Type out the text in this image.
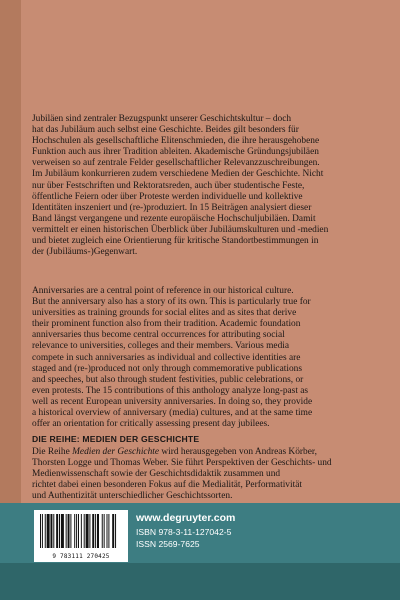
Jubiläen sind zentraler Bezugspunkt unserer Geschichtskultur – doch
hat das Jubiläum auch selbst eine Geschichte. Beides gilt besonders für
Hochschulen als gesellschaftliche Elitenschmieden, die ihre herausgehobene
Funktion auch aus ihrer Tradition ableiten. Akademische Gründungsjubiläen
verweisen so auf zentrale Felder gesellschaftlicher Relevanzzuschreibungen.
Im Jubiläum konkurrieren zudem verschiedene Medien der Geschichte. Nicht
nur über Festschriften und Rektoratsreden, auch über studentische Feste,
öffentliche Feiern oder über Proteste werden individuelle und kollektive
Identitäten inszeniert und (re-)produziert. In 15 Beiträgen analysiert dieser
Band längst vergangene und rezente europäische Hochschuljubiläen. Damit
vermittelt er einen historischen Überblick über Jubiläumskulturen und -medien
und bietet zugleich eine Orientierung für kritische Standortbestimmungen in
der (Jubiläums-)Gegenwart.

Anniversaries are a central point of reference in our historical culture.
But the anniversary also has a story of its own. This is particularly true for
universities as training grounds for social elites and as sites that derive
their prominent function also from their tradition. Academic foundation
anniversaries thus become central occurrences for attributing social
relevance to universities, colleges and their members. Various media
compete in such anniversaries as individual and collective identities are
staged and (re-)produced not only through commemorative publications
and speeches, but also through student festivities, public celebrations, or
even protests. The 15 contributions of this anthology analyze long-past as
well as recent European university anniversaries. In doing so, they provide
a historical overview of anniversary (media) cultures, and at the same time
offer an orientation for critically assessing present day jubilees.

DIE REIHE: MEDIEN DER GESCHICHTE

Die Reihe Medien der Geschichte wird herausgegeben von Andreas Körber,
Thorsten Logge und Thomas Weber. Sie führt Perspektiven der Geschichts- und
Medienwissenschaft sowie der Geschichtsdidaktik zusammen und
richtet dabei einen besonderen Fokus auf die Medialität, Performativität
und Authentizität unterschiedlicher Geschichtssorten.

9 783111 270425
www.degruyter.com
ISBN 978-3-11-127042-5
ISSN 2569-7625
